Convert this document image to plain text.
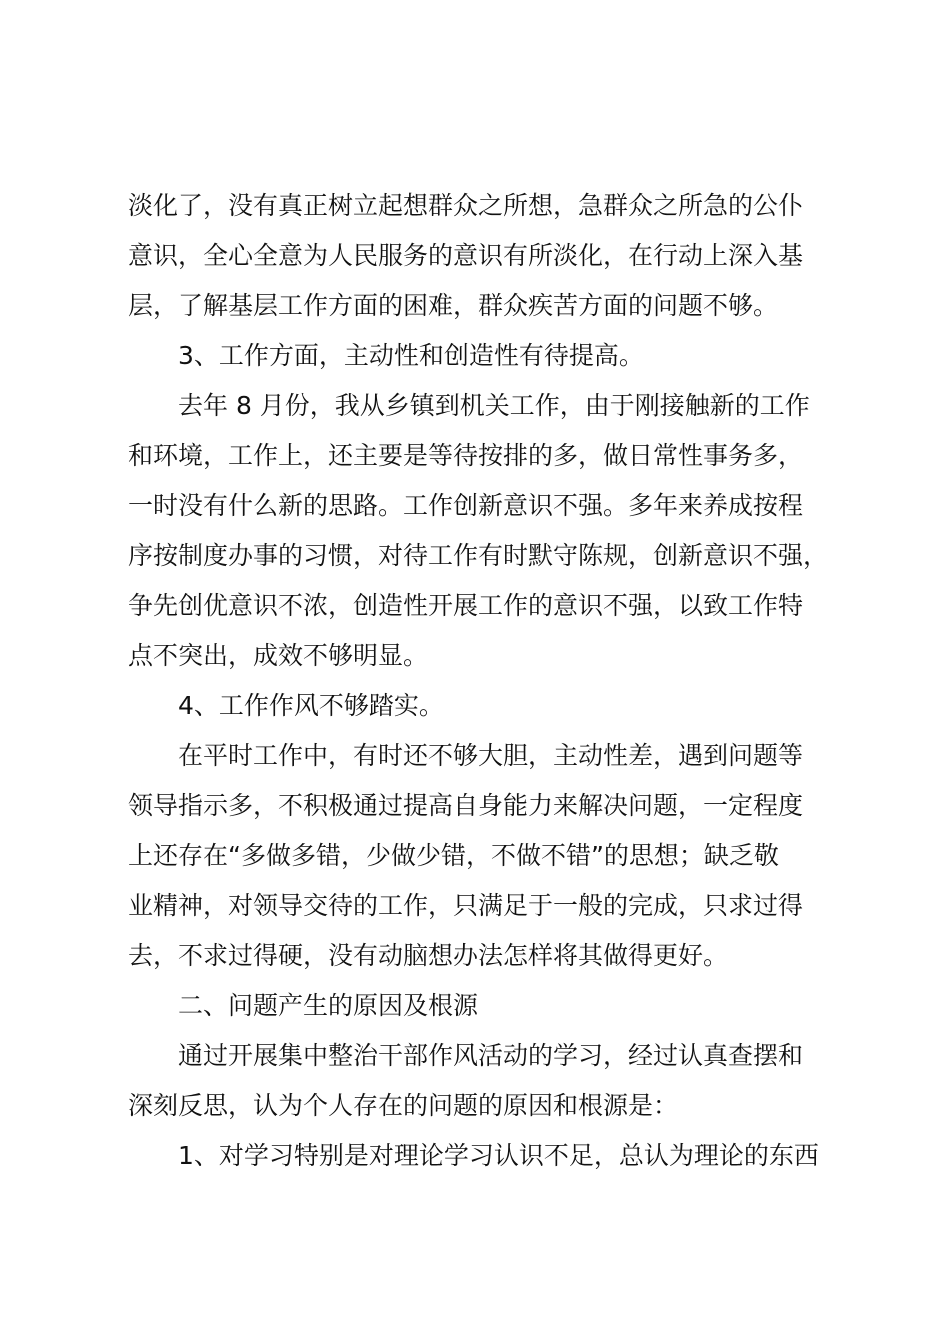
淡化了，没有真正树立起想群众之所想，急群众之所急的公仆
意识，全心全意为人民服务的意识有所淡化，在行动上深入基
层，了解基层工作方面的困难，群众疾苦方面的问题不够。
3、工作方面，主动性和创造性有待提高。
去年 8 月份，我从乡镇到机关工作，由于刚接触新的工作
和环境，工作上，还主要是等待按排的多，做日常性事务多，
一时没有什么新的思路。工作创新意识不强。多年来养成按程
序按制度办事的习惯，对待工作有时默守陈规，创新意识不强，
争先创优意识不浓，创造性开展工作的意识不强，以致工作特
点不突出，成效不够明显。
4、工作作风不够踏实。
在平时工作中，有时还不够大胆，主动性差，遇到问题等
领导指示多，不积极通过提高自身能力来解决问题，一定程度
上还存在“多做多错，少做少错，不做不错”的思想；缺乏敬
业精神，对领导交待的工作，只满足于一般的完成，只求过得
去，不求过得硬，没有动脑想办法怎样将其做得更好。
二、问题产生的原因及根源
通过开展集中整治干部作风活动的学习，经过认真查摆和
深刻反思，认为个人存在的问题的原因和根源是：
1、对学习特别是对理论学习认识不足，总认为理论的东西
